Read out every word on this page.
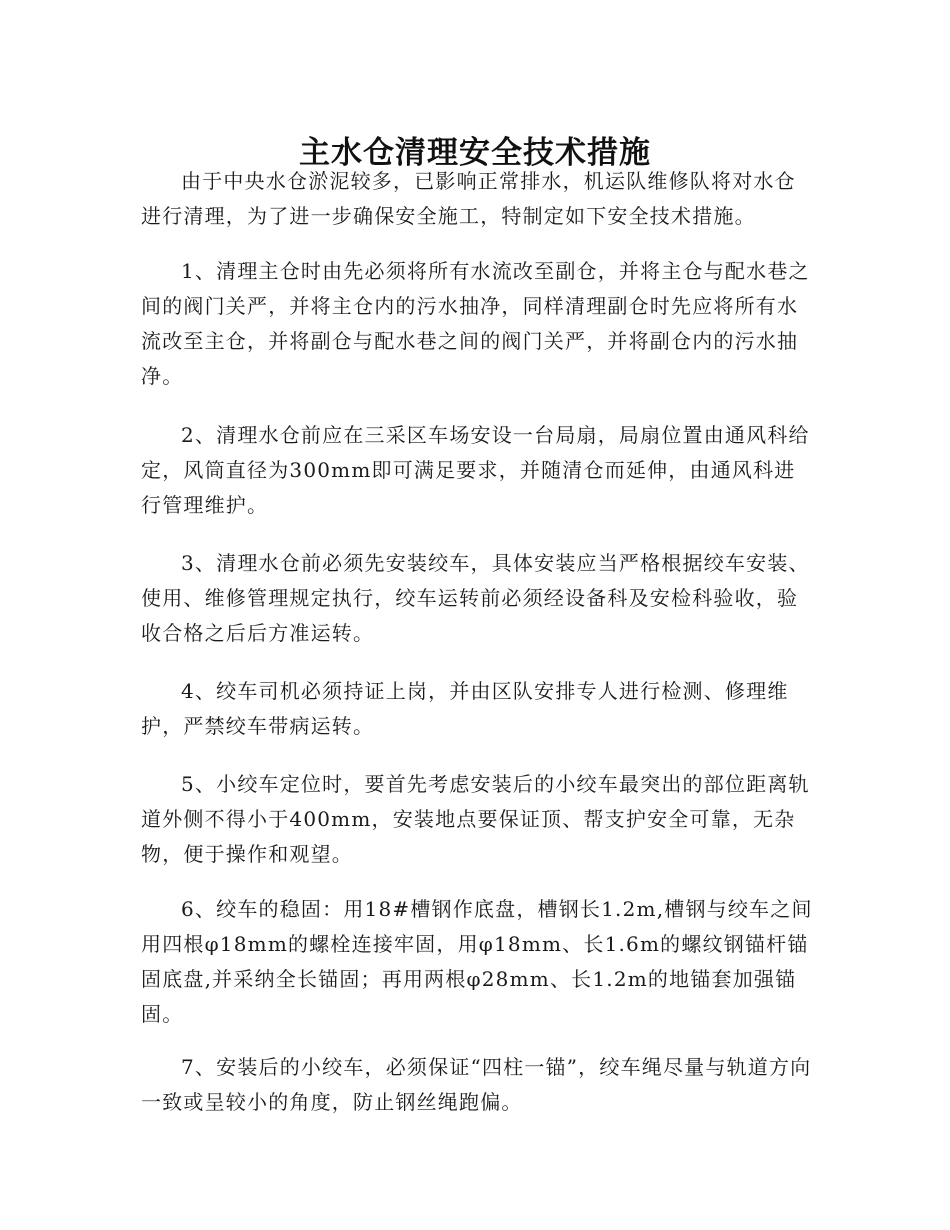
主水仓清理安全技术措施

由于中央水仓淤泥较多，已影响正常排水，机运队维修队将对水仓进行清理，为了进一步确保安全施工，特制定如下安全技术措施。

1、清理主仓时由先必须将所有水流改至副仓，并将主仓与配水巷之间的阀门关严，并将主仓内的污水抽净，同样清理副仓时先应将所有水流改至主仓，并将副仓与配水巷之间的阀门关严，并将副仓内的污水抽净。

2、清理水仓前应在三采区车场安设一台局扇，局扇位置由通风科给定，风筒直径为300mm即可满足要求，并随清仓而延伸，由通风科进行管理维护。

3、清理水仓前必须先安装绞车，具体安装应当严格根据绞车安装、使用、维修管理规定执行，绞车运转前必须经设备科及安检科验收，验收合格之后后方准运转。

4、绞车司机必须持证上岗，并由区队安排专人进行检测、修理维护，严禁绞车带病运转。

5、小绞车定位时，要首先考虑安装后的小绞车最突出的部位距离轨道外侧不得小于400mm，安装地点要保证顶、帮支护安全可靠，无杂物，便于操作和观望。

6、绞车的稳固：用18#槽钢作底盘，槽钢长1.2m,槽钢与绞车之间用四根φ18mm的螺栓连接牢固，用φ18mm、长1.6m的螺纹钢锚杆锚固底盘,并采纳全长锚固；再用两根φ28mm、长1.2m的地锚套加强锚固。

7、安装后的小绞车，必须保证“四柱一锚”，绞车绳尽量与轨道方向一致或呈较小的角度，防止钢丝绳跑偏。
